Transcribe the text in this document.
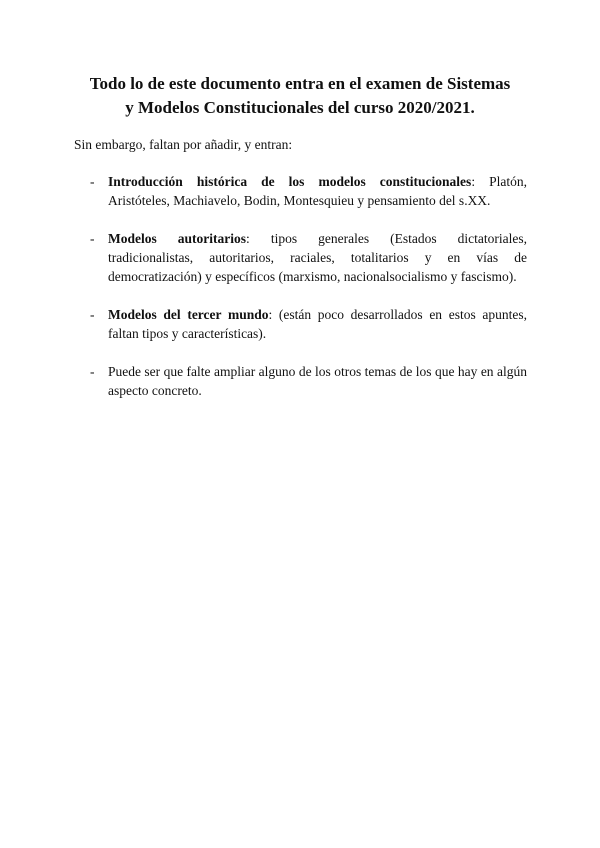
Todo lo de este documento entra en el examen de Sistemas
y Modelos Constitucionales del curso 2020/2021.
Sin embargo, faltan por añadir, y entran:
- Introducción histórica de los modelos constitucionales: Platón, Aristóteles, Machiavelo, Bodin, Montesquieu y pensamiento del s.XX.
- Modelos autoritarios: tipos generales (Estados dictatoriales, tradicionalistas, autoritarios, raciales, totalitarios y en vías de democratización) y específicos (marxismo, nacionalsocialismo y fascismo).
- Modelos del tercer mundo: (están poco desarrollados en estos apuntes, faltan tipos y características).
- Puede ser que falte ampliar alguno de los otros temas de los que hay en algún aspecto concreto.
